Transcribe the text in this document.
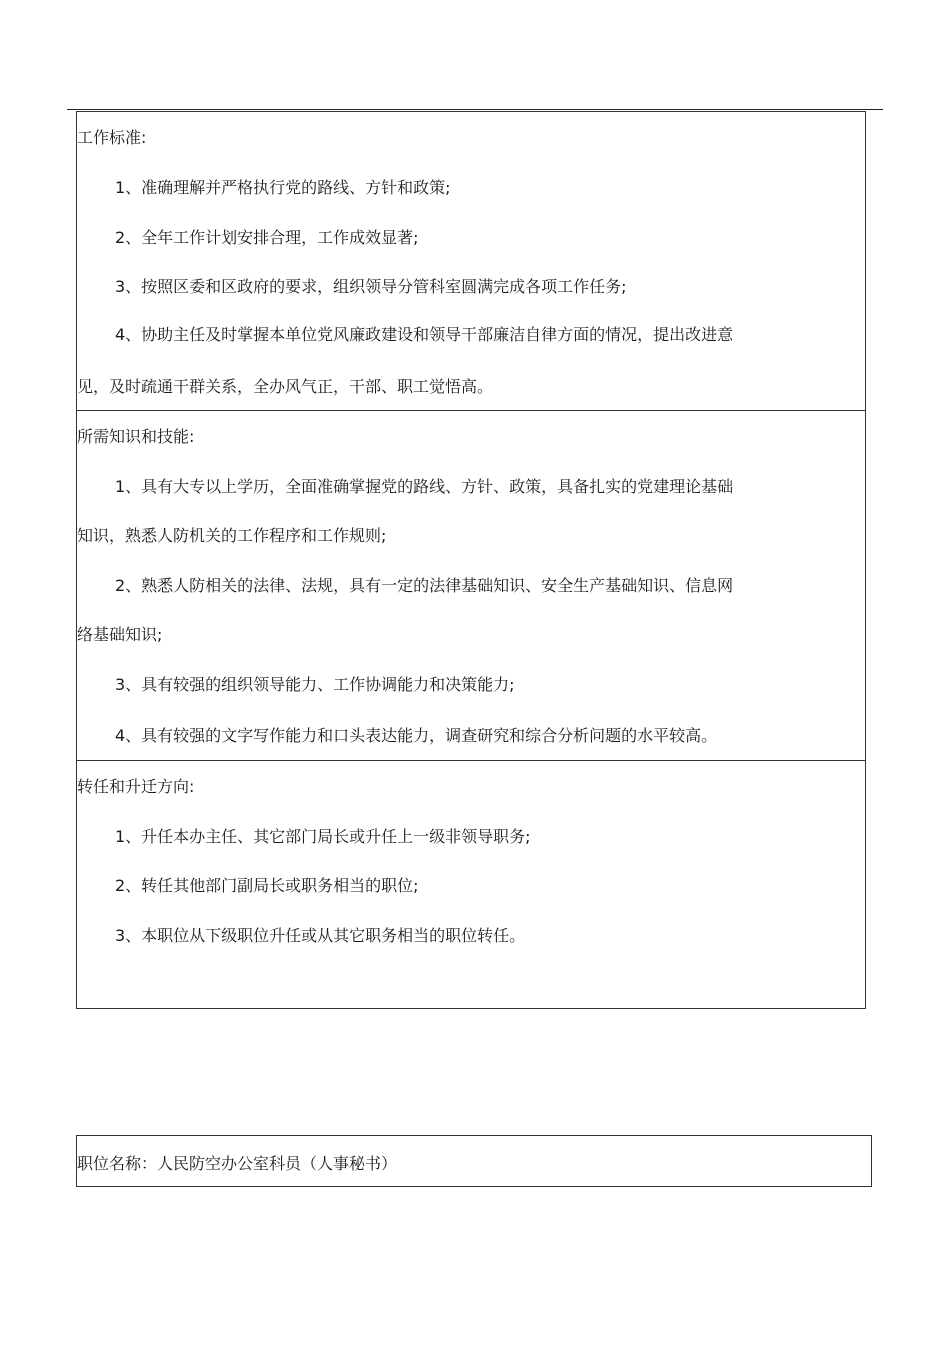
工作标准:
1、准确理解并严格执行党的路线、方针和政策;
2、全年工作计划安排合理，工作成效显著;
3、按照区委和区政府的要求，组织领导分管科室圆满完成各项工作任务;
4、协助主任及时掌握本单位党风廉政建设和领导干部廉洁自律方面的情况，提出改进意
见，及时疏通干群关系，全办风气正，干部、职工觉悟高。
所需知识和技能:
1、具有大专以上学历，全面准确掌握党的路线、方针、政策，具备扎实的党建理论基础
知识，熟悉人防机关的工作程序和工作规则;
2、熟悉人防相关的法律、法规，具有一定的法律基础知识、安全生产基础知识、信息网
络基础知识;
3、具有较强的组织领导能力、工作协调能力和决策能力;
4、具有较强的文字写作能力和口头表达能力，调查研究和综合分析问题的水平较高。
转任和升迁方向:
1、升任本办主任、其它部门局长或升任上一级非领导职务;
2、转任其他部门副局长或职务相当的职位;
3、本职位从下级职位升任或从其它职务相当的职位转任。
职位名称：人民防空办公室科员（人事秘书）
